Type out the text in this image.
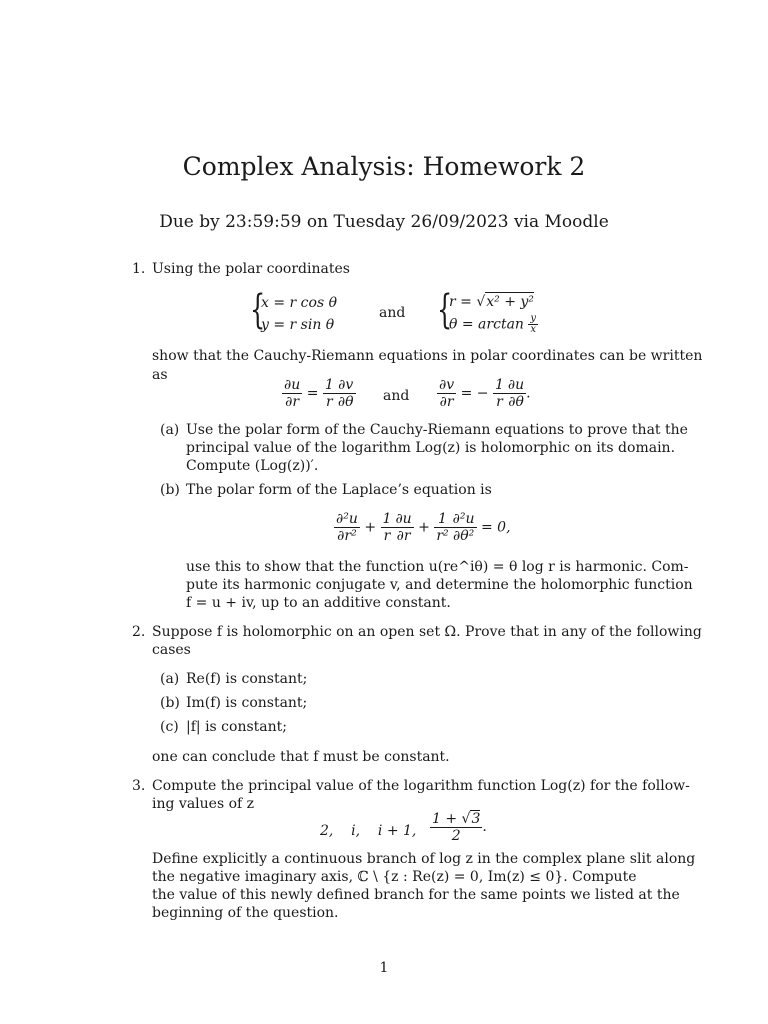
Complex Analysis: Homework 2
Due by 23:59:59 on Tuesday 26/09/2023 via Moodle
1. Using the polar coordinates
{
x = r cos θ
y = r sin θ
and {
r = √x² + y²
$\theta = \arctan \frac{y}{x}$
show that the Cauchy-Riemann equations in polar coordinates can be written
as
$\frac{\partial u}{\partial r} = \frac{1}{r} \frac{\partial v}{\partial\theta}$ and $\frac{\partial v}{\partial r}$ = − $\frac{1}{r} \frac{\partial u}{\partial\theta}$ .
(a) Use the polar form of the Cauchy-Riemann equations to prove that the
principal value of the logarithm Log(z) is holomorphic on its domain.
Compute (Log(z))′.
(b) The polar form of the Laplace’s equation is
$\frac{\text{∂²u}}{\text{∂r²}} + \frac{1}{r} \frac{\partial u}{\partial r} + \frac{1}{\text{r²}} \frac{\text{∂²u}}{\text{∂θ²}} = 0$,
use this to show that the function u(re^iθ) = θ log r is harmonic. Com-
pute its harmonic conjugate v, and determine the holomorphic function
f = u + iv, up to an additive constant.
2. Suppose f is holomorphic on an open set Ω. Prove that in any of the following
cases
(a) Re(f) is constant;
(b) Im(f) is constant;
(c) |f| is constant;
one can conclude that f must be constant.
3. Compute the principal value of the logarithm function Log(z) for the follow-
ing values of z
2,    i,    i + 1, $\frac{1 + √3}{2}$ .
Define explicitly a continuous branch of log z in the complex plane slit along
the negative imaginary axis, ℂ \ {z : Re(z) = 0, Im(z) ≤ 0}. Compute
the value of this newly defined branch for the same points we listed at the
beginning of the question.
1
